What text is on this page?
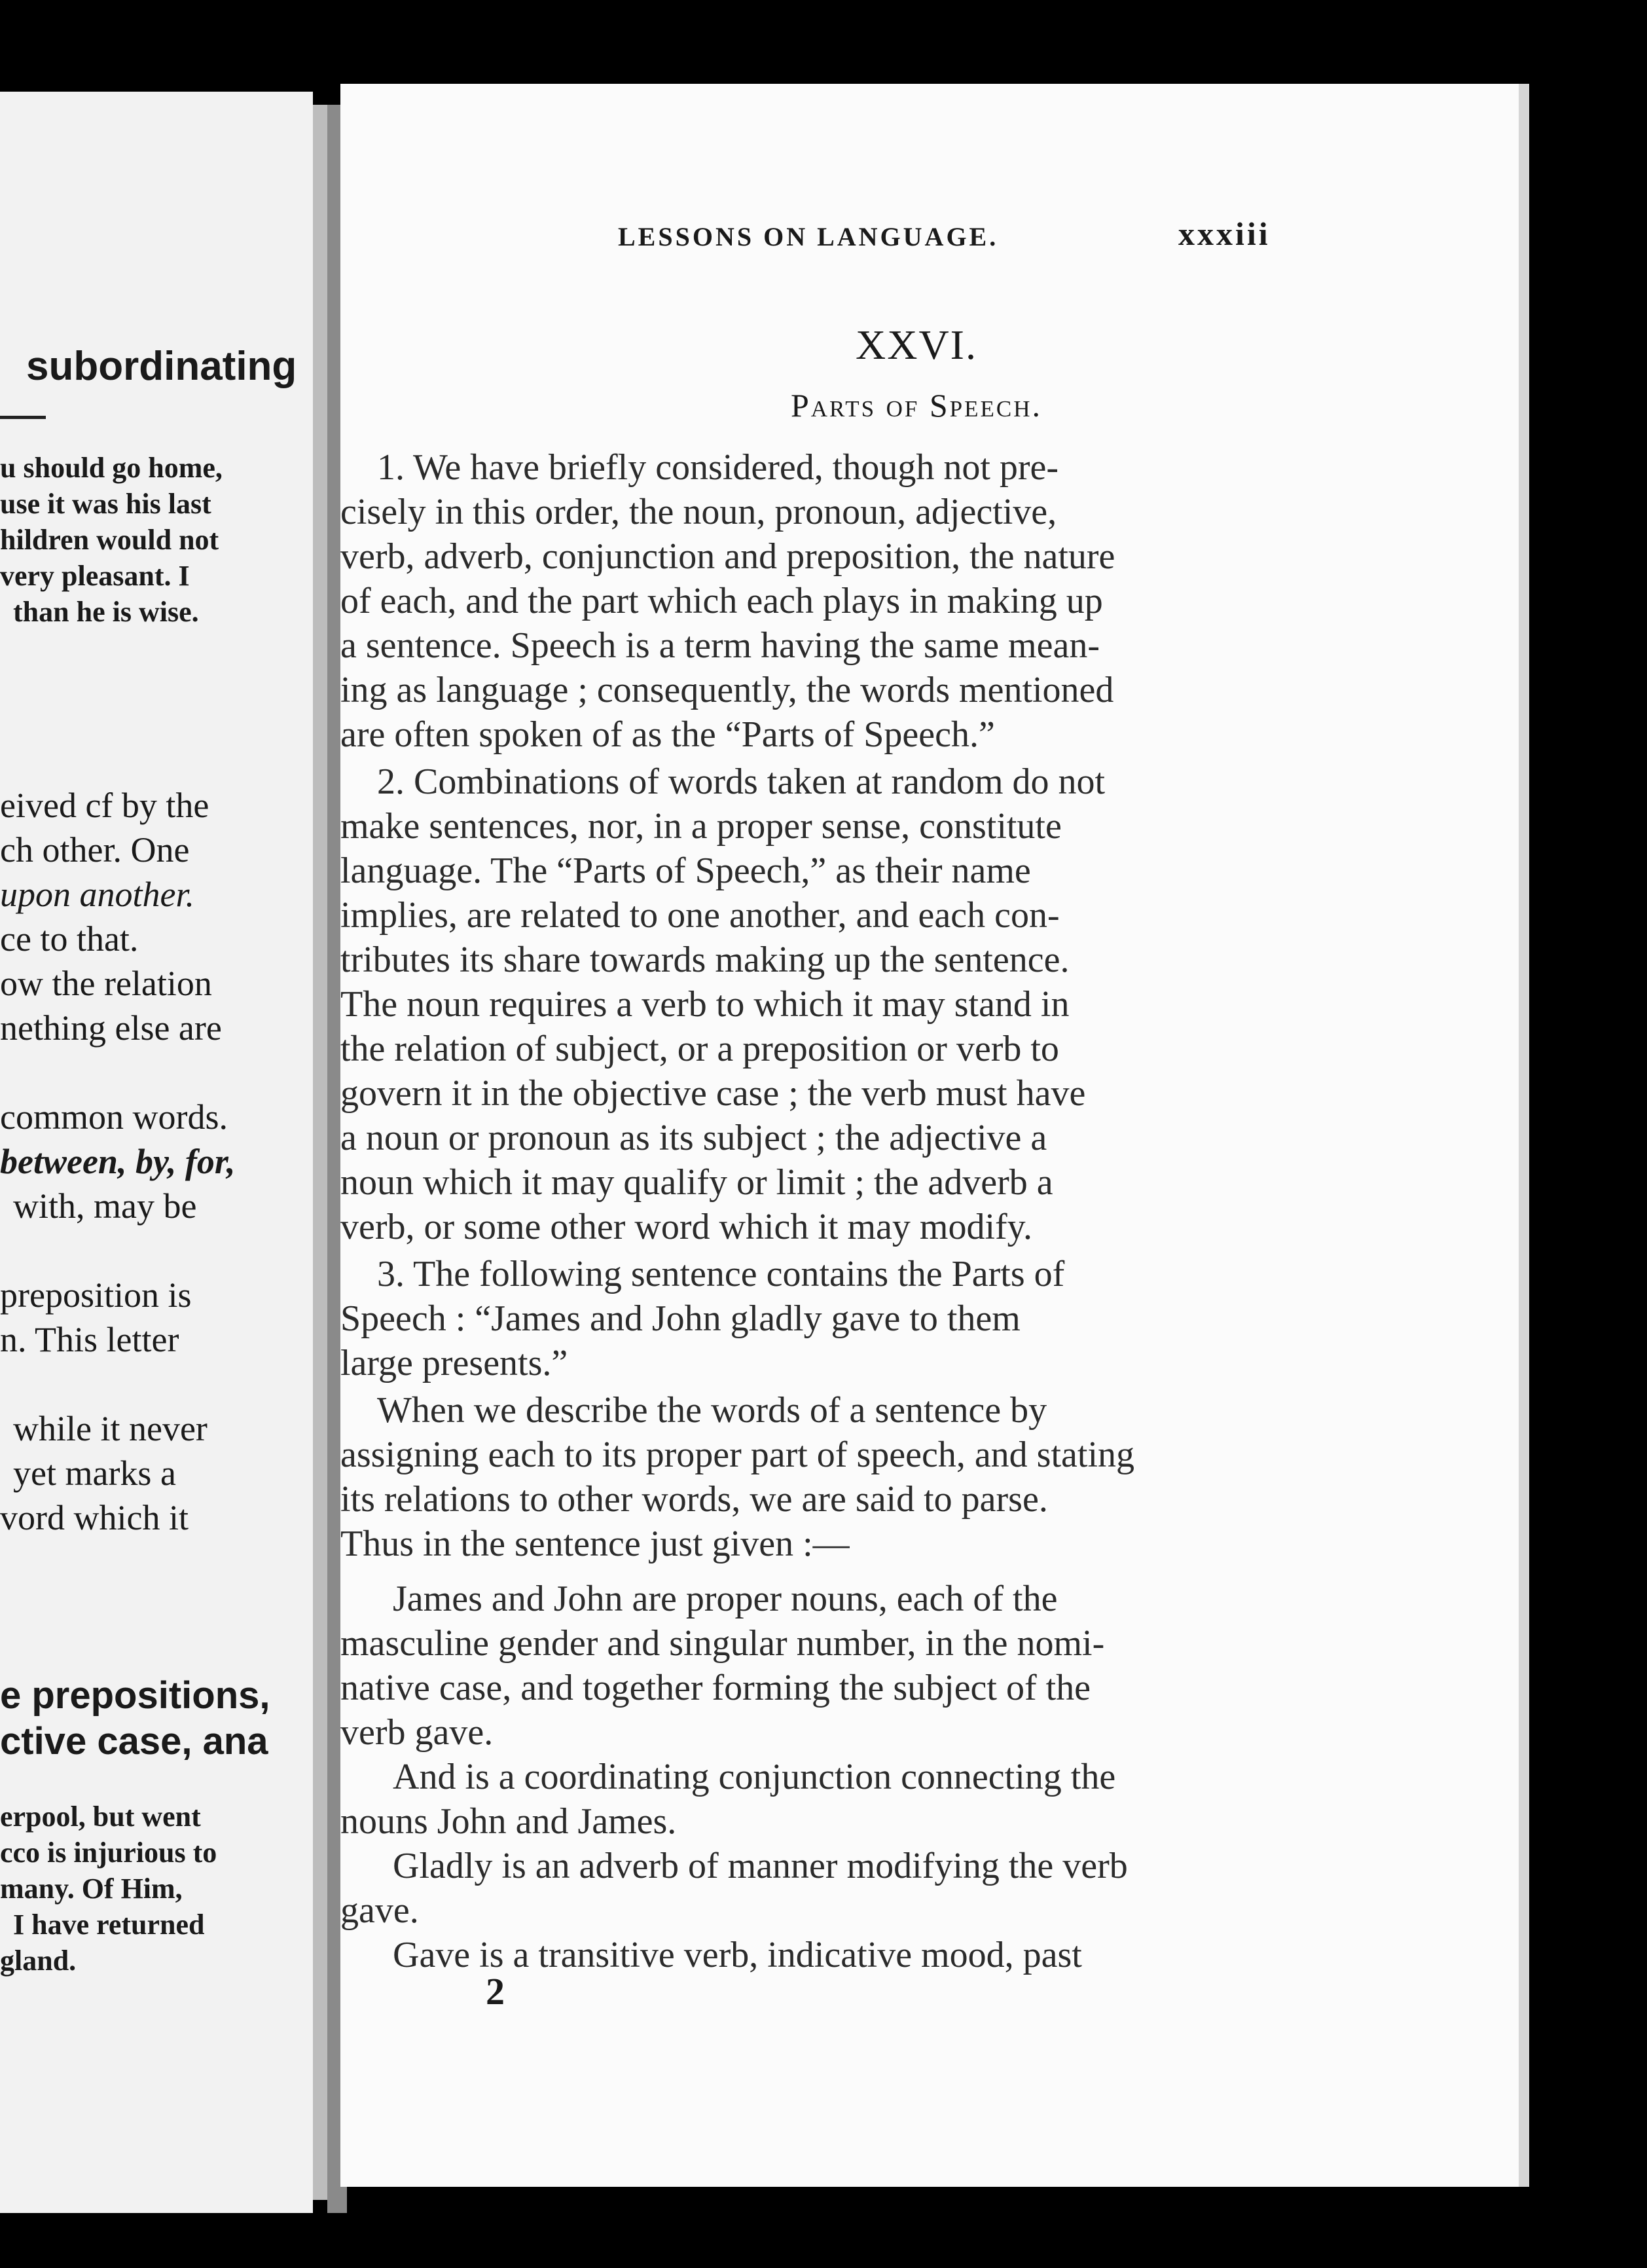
subordinating
u should go home,
use it was his last
hildren would not
very pleasant. I
than he is wise.
eived cf by the
ch other. One
upon another.
ce to that.
ow the relation
nething else are
common words.
between, by, for,
with, may be
preposition is
n. This letter
while it never
yet marks a
vord which it
e prepositions,
ctive case, ana
erpool, but went
cco is injurious to
many. Of Him,
I have returned
gland.
LESSONS ON LANGUAGE.	xxxiii
XXVI.
Parts of Speech.
1. We have briefly considered, though not pre-
cisely in this order, the noun, pronoun, adjective,
verb, adverb, conjunction and preposition, the nature
of each, and the part which each plays in making up
a sentence. Speech is a term having the same mean-
ing as language ; consequently, the words mentioned
are often spoken of as the “Parts of Speech.”
2. Combinations of words taken at random do not
make sentences, nor, in a proper sense, constitute
language. The “Parts of Speech,” as their name
implies, are related to one another, and each con-
tributes its share towards making up the sentence.
The noun requires a verb to which it may stand in
the relation of subject, or a preposition or verb to
govern it in the objective case ; the verb must have
a noun or pronoun as its subject ; the adjective a
noun which it may qualify or limit ; the adverb a
verb, or some other word which it may modify.
3. The following sentence contains the Parts of
Speech : “James and John gladly gave to them
large presents.”
When we describe the words of a sentence by
assigning each to its proper part of speech, and stating
its relations to other words, we are said to parse.
Thus in the sentence just given :—
James and John are proper nouns, each of the
masculine gender and singular number, in the nomi-
native case, and together forming the subject of the
verb gave.
And is a coordinating conjunction connecting the
nouns John and James.
Gladly is an adverb of manner modifying the verb
gave.
Gave is a transitive verb, indicative mood, past
2
